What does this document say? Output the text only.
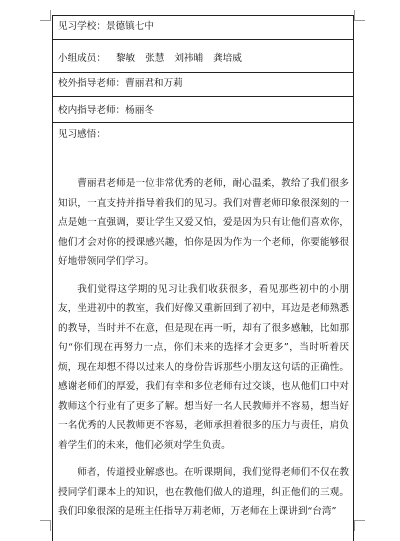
见习学校：景德镇七中
小组成员： 黎敏 张慧 刘祎晡 龚培威
校外指导老师：曹丽君和万莉
校内指导老师：杨丽冬
见习感悟：

曹丽君老师是一位非常优秀的老师，耐心温柔，教给了我们很多知识，一直支持并指导着我们的见习。我们对曹老师印象很深刻的一点是她一直强调，要让学生又爱又怕，爱是因为只有让他们喜欢你，他们才会对你的授课感兴趣，怕你是因为作为一个老师，你要能够很好地带领同学们学习。

我们觉得这学期的见习让我们收获很多，看见那些初中的小朋友，坐进初中的教室，我们好像又重新回到了初中，耳边是老师熟悉的教导，当时并不在意，但是现在再一听，却有了很多感触，比如那句“你们现在再努力一点，你们未来的选择才会更多”，当时听着厌烦，现在却想不得以过来人的身份告诉那些小朋友这句话的正确性。感谢老师们的厚爱，我们有幸和多位老师有过交谈，也从他们口中对教师这个行业有了更多了解。想当好一名人民教师并不容易，想当好一名优秀的人民教师更不容易，老师承担着很多的压力与责任，肩负着学生们的未来，他们必须对学生负责。

师者，传道授业解惑也。在听课期间，我们觉得老师们不仅在教授同学们课本上的知识，也在教他们做人的道理，纠正他们的三观。我们印象很深的是班主任指导万莉老师，万老师在上课讲到“台湾”
